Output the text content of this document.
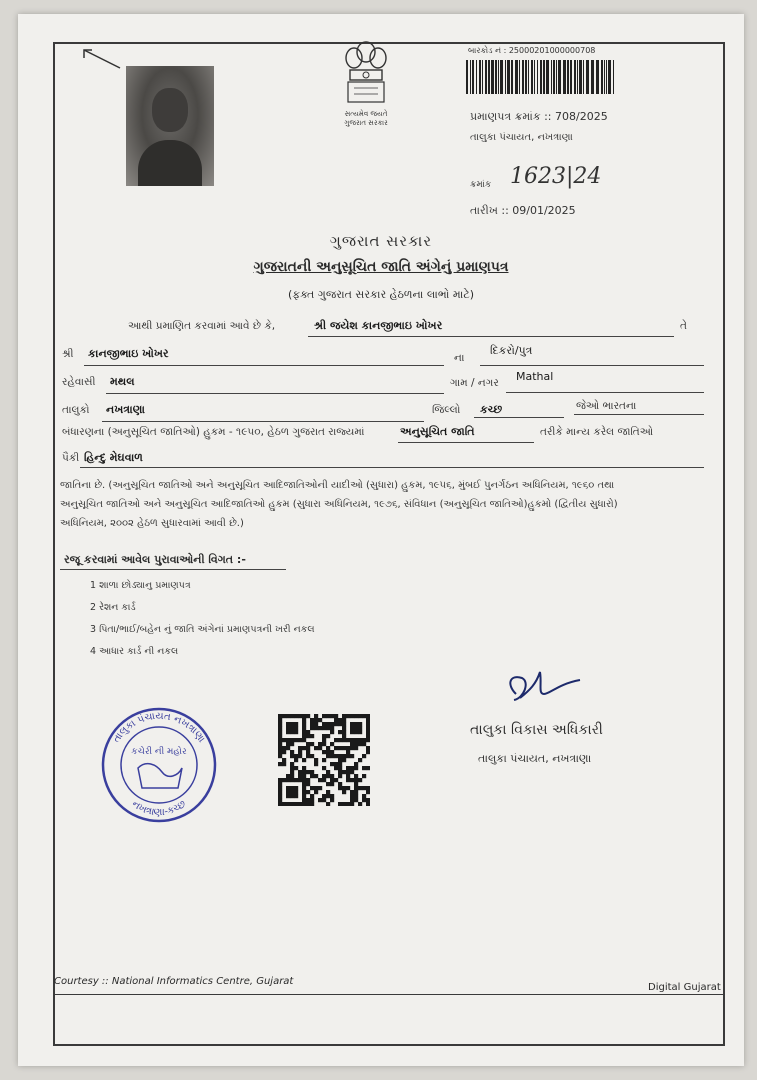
સત્યમેવ જયતે
ગુજરાત સરકાર
બારકોડ નં : 25000201000000708
પ્રમાણપત્ર ક્રમાંક :: 708/2025
તાલુકા પંચાયત, નખત્રાણા
ક્રમાંક 1623|24
તારીખ :: 09/01/2025
ગુજરાત સરકાર
ગુજરાતની અનુસૂચિત જાતિ અંગેનું પ્રમાણપત્ર
(ફક્ત ગુજરાત સરકાર હેઠળના લાભો માટે)
આથી પ્રમાણિત કરવામાં આવે છે કે,	શ્રી જયેશ કાનજીભાઇ ખોખર	તે
શ્રી કાનજીભાઇ ખોખર	ના
દિકરો/પુત્ર
રહેવાસી મથલ	ગામ / નગર Mathal
તાલુકો નખત્રાણા	જિલ્લો કચ્છ	જેઓ ભારતના
બંધારણના (અનુસૂચિત જાતિઓ) હુકમ - ૧૯૫૦, હેઠળ ગુજરાત રાજ્યમાં	અનુસૂચિત જાતિ	તરીકે માન્ય કરેલ જાતિઓ
પૈકી હિન્દુ મેઘવાળ
જાતિના છે. (અનુસૂચિત જાતિઓ અને અનુસૂચિત આદિજાતિઓની યાદીઓ (સુધારા) હુકમ, ૧૯૫૬, મુંબઈ પુનર્ગઠન અધિનિયમ, ૧૯૬૦ તથા
અનુસૂચિત જાતિઓ અને અનુસૂચિત આદિજાતિઓ હુકમ (સુધારા અધિનિયમ, ૧૯૭૬, સંવિધાન (અનુસૂચિત જાતિઓ)હુકમો (દ્વિતીય સુધારો)
અધિનિયમ, ૨૦૦૨ હેઠળ સુધારવામાં આવી છે.)
રજૂ કરવામાં આવેલ પુરાવાઓની વિગત :-
1 શાળા છોડ્યાનુ પ્રમાણપત્ર
2 રેશન કાર્ડ
3 પિતા/ભાઈ/બહેન નું જાતિ અંગેનાં પ્રમાણપત્રની ખરી નકલ
4 આધાર કાર્ડ ની નકલ
તાલુકા વિકાસ અધિકારી
તાલુકા પંચાયત, નખત્રાણા
તાલુકા પંચાયત નખત્રાણા
નખત્રાણા-કચ્છ
કચેરી ની મહોર
Courtesy :: National Informatics Centre, Gujarat
Digital Gujarat
